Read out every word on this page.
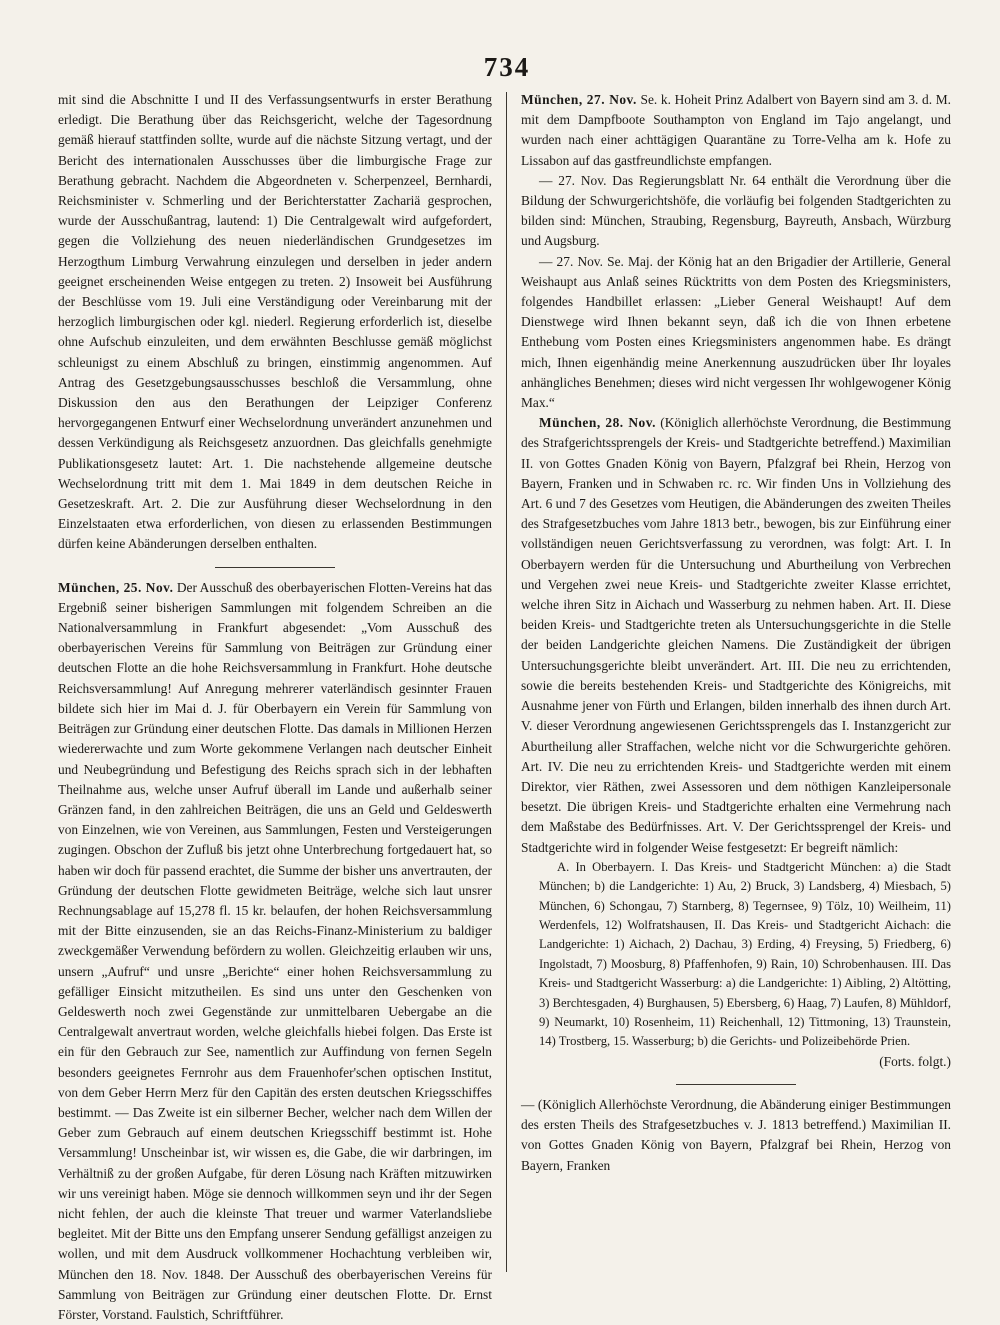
734

mit sind die Abschnitte I und II des Verfassungsentwurfs in erster Berathung erledigt. Die Berathung über das Reichsgericht, welche der Tagesordnung gemäß hierauf stattfinden sollte, wurde auf die nächste Sitzung vertagt, und der Bericht des internationalen Ausschusses über die limburgische Frage zur Berathung gebracht. Nachdem die Abgeordneten v. Scherpenzeel, Bernhardi, Reichsminister v. Schmerling und der Berichterstatter Zachariä gesprochen, wurde der Ausschußantrag, lautend: 1) Die Centralgewalt wird aufgefordert, gegen die Vollziehung des neuen niederländischen Grundgesetzes im Herzogthum Limburg Verwahrung einzulegen und derselben in jeder andern geeignet erscheinenden Weise entgegen zu treten. 2) Insoweit bei Ausführung der Beschlüsse vom 19. Juli eine Verständigung oder Vereinbarung mit der herzoglich limburgischen oder kgl. niederl. Regierung erforderlich ist, dieselbe ohne Aufschub einzuleiten, und dem erwähnten Beschlusse gemäß möglichst schleunigst zu einem Abschluß zu bringen, einstimmig angenommen. Auf Antrag des Gesetzgebungsausschusses beschloß die Versammlung, ohne Diskussion den aus den Berathungen der Leipziger Conferenz hervorgegangenen Entwurf einer Wechselordnung unverändert anzunehmen und dessen Verkündigung als Reichsgesetz anzuordnen. Das gleichfalls genehmigte Publikationsgesetz lautet: Art. 1. Die nachstehende allgemeine deutsche Wechselordnung tritt mit dem 1. Mai 1849 in dem deutschen Reiche in Gesetzeskraft. Art. 2. Die zur Ausführung dieser Wechselordnung in den Einzelstaaten etwa erforderlichen, von diesen zu erlassenden Bestimmungen dürfen keine Abänderungen derselben enthalten.

München, 25. Nov. Der Ausschuß des oberbayerischen Flotten-Vereins hat das Ergebniß seiner bisherigen Sammlungen mit folgendem Schreiben an die Nationalversammlung in Frankfurt abgesendet: „Vom Ausschuß des oberbayerischen Vereins für Sammlung von Beiträgen zur Gründung einer deutschen Flotte an die hohe Reichsversammlung in Frankfurt. Hohe deutsche Reichsversammlung! Auf Anregung mehrerer vaterländisch gesinnter Frauen bildete sich hier im Mai d. J. für Oberbayern ein Verein für Sammlung von Beiträgen zur Gründung einer deutschen Flotte. Das damals in Millionen Herzen wiedererwachte und zum Worte gekommene Verlangen nach deutscher Einheit und Neubegründung und Befestigung des Reichs sprach sich in der lebhaften Theilnahme aus, welche unser Aufruf überall im Lande und außerhalb seiner Gränzen fand, in den zahlreichen Beiträgen, die uns an Geld und Geldeswerth von Einzelnen, wie von Vereinen, aus Sammlungen, Festen und Versteigerungen zugingen. Obschon der Zufluß bis jetzt ohne Unterbrechung fortgedauert hat, so haben wir doch für passend erachtet, die Summe der bisher uns anvertrauten, der Gründung der deutschen Flotte gewidmeten Beiträge, welche sich laut unsrer Rechnungsablage auf 15,278 fl. 15 kr. belaufen, der hohen Reichsversammlung mit der Bitte einzusenden, sie an das Reichs-Finanz-Ministerium zu baldiger zweckgemäßer Verwendung befördern zu wollen. Gleichzeitig erlauben wir uns, unsern „Aufruf“ und unsre „Berichte“ einer hohen Reichsversammlung zu gefälliger Einsicht mitzutheilen. Es sind uns unter den Geschenken von Geldeswerth noch zwei Gegenstände zur unmittelbaren Uebergabe an die Centralgewalt anvertraut worden, welche gleichfalls hiebei folgen. Das Erste ist ein für den Gebrauch zur See, namentlich zur Auffindung von fernen Segeln besonders geeignetes Fernrohr aus dem Frauenhofer'schen optischen Institut, von dem Geber Herrn Merz für den Capitän des ersten deutschen Kriegsschiffes bestimmt. — Das Zweite ist ein silberner Becher, welcher nach dem Willen der Geber zum Gebrauch auf einem deutschen Kriegsschiff bestimmt ist. Hohe Versammlung! Unscheinbar ist, wir wissen es, die Gabe, die wir darbringen, im Verhältniß zu der großen Aufgabe, für deren Lösung nach Kräften mitzuwirken wir uns vereinigt haben. Möge sie dennoch willkommen seyn und ihr der Segen nicht fehlen, der auch die kleinste That treuer und warmer Vaterlandsliebe begleitet. Mit der Bitte uns den Empfang unserer Sendung gefälligst anzeigen zu wollen, und mit dem Ausdruck vollkommener Hochachtung verbleiben wir, München den 18. Nov. 1848. Der Ausschuß des oberbayerischen Vereins für Sammlung von Beiträgen zur Gründung einer deutschen Flotte. Dr. Ernst Förster, Vorstand. Faulstich, Schriftführer.

München, 27. Nov. Se. k. Hoheit Prinz Adalbert von Bayern sind am 3. d. M. mit dem Dampfboote Southampton von England im Tajo angelangt, und wurden nach einer achttägigen Quarantäne zu Torre-Velha am k. Hofe zu Lissabon auf das gastfreundlichste empfangen.

— 27. Nov. Das Regierungsblatt Nr. 64 enthält die Verordnung über die Bildung der Schwurgerichtshöfe, die vorläufig bei folgenden Stadtgerichten zu bilden sind: München, Straubing, Regensburg, Bayreuth, Ansbach, Würzburg und Augsburg.

— 27. Nov. Se. Maj. der König hat an den Brigadier der Artillerie, General Weishaupt aus Anlaß seines Rücktritts von dem Posten des Kriegsministers, folgendes Handbillet erlassen: „Lieber General Weishaupt! Auf dem Dienstwege wird Ihnen bekannt seyn, daß ich die von Ihnen erbetene Enthebung vom Posten eines Kriegsministers angenommen habe. Es drängt mich, Ihnen eigenhändig meine Anerkennung auszudrücken über Ihr loyales anhängliches Benehmen; dieses wird nicht vergessen Ihr wohlgewogener König Max.“

München, 28. Nov. (Königlich allerhöchste Verordnung, die Bestimmung des Strafgerichtssprengels der Kreis- und Stadtgerichte betreffend.) Maximilian II. von Gottes Gnaden König von Bayern, Pfalzgraf bei Rhein, Herzog von Bayern, Franken und in Schwaben rc. rc. Wir finden Uns in Vollziehung des Art. 6 und 7 des Gesetzes vom Heutigen, die Abänderungen des zweiten Theiles des Strafgesetzbuches vom Jahre 1813 betr., bewogen, bis zur Einführung einer vollständigen neuen Gerichtsverfassung zu verordnen, was folgt: Art. I. In Oberbayern werden für die Untersuchung und Aburtheilung von Verbrechen und Vergehen zwei neue Kreis- und Stadtgerichte zweiter Klasse errichtet, welche ihren Sitz in Aichach und Wasserburg zu nehmen haben. Art. II. Diese beiden Kreis- und Stadtgerichte treten als Untersuchungsgerichte in die Stelle der beiden Landgerichte gleichen Namens. Die Zuständigkeit der übrigen Untersuchungsgerichte bleibt unverändert. Art. III. Die neu zu errichtenden, sowie die bereits bestehenden Kreis- und Stadtgerichte des Königreichs, mit Ausnahme jener von Fürth und Erlangen, bilden innerhalb des ihnen durch Art. V. dieser Verordnung angewiesenen Gerichtssprengels das I. Instanzgericht zur Aburtheilung aller Straffachen, welche nicht vor die Schwurgerichte gehören. Art. IV. Die neu zu errichtenden Kreis- und Stadtgerichte werden mit einem Direktor, vier Räthen, zwei Assessoren und dem nöthigen Kanzleipersonale besetzt. Die übrigen Kreis- und Stadtgerichte erhalten eine Vermehrung nach dem Maßstabe des Bedürfnisses. Art. V. Der Gerichtssprengel der Kreis- und Stadtgerichte wird in folgender Weise festgesetzt: Er begreift nämlich:

A. In Oberbayern. I. Das Kreis- und Stadtgericht München: a) die Stadt München; b) die Landgerichte: 1) Au, 2) Bruck, 3) Landsberg, 4) Miesbach, 5) München, 6) Schongau, 7) Starnberg, 8) Tegernsee, 9) Tölz, 10) Weilheim, 11) Werdenfels, 12) Wolfratshausen, II. Das Kreis- und Stadtgericht Aichach: die Landgerichte: 1) Aichach, 2) Dachau, 3) Erding, 4) Freysing, 5) Friedberg, 6) Ingolstadt, 7) Moosburg, 8) Pfaffenhofen, 9) Rain, 10) Schrobenhausen. III. Das Kreis- und Stadtgericht Wasserburg: a) die Landgerichte: 1) Aibling, 2) Altötting, 3) Berchtesgaden, 4) Burghausen, 5) Ebersberg, 6) Haag, 7) Laufen, 8) Mühldorf, 9) Neumarkt, 10) Rosenheim, 11) Reichenhall, 12) Tittmoning, 13) Traunstein, 14) Trostberg, 15. Wasserburg; b) die Gerichts- und Polizeibehörde Prien.

(Forts. folgt.)

— (Königlich Allerhöchste Verordnung, die Abänderung einiger Bestimmungen des ersten Theils des Strafgesetzbuches v. J. 1813 betreffend.) Maximilian II. von Gottes Gnaden König von Bayern, Pfalzgraf bei Rhein, Herzog von Bayern, Franken
